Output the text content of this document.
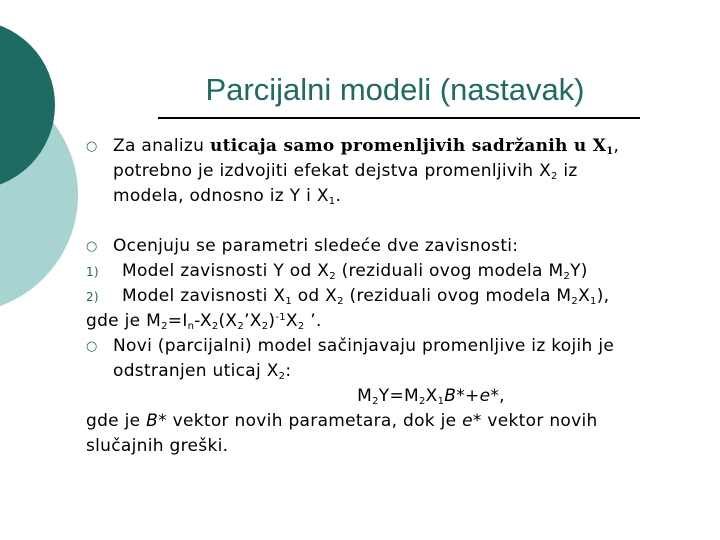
Parcijalni modeli (nastavak)
○ Za analizu uticaja samo promenljivih sadržanih u $X_1$,
potrebno je izdvojiti efekat dejstva promenljivih $X_2$ iz
modela, odnosno iz Y i $X_1$.
○ Ocenjuju se parametri sledeće dve zavisnosti:
1) Model zavisnosti Y od $X_2$ (reziduali ovog modela $M_2Y$)
2) Model zavisnosti $X_1$ od $X_2$ (reziduali ovog modela $M_2X_1$),
gde je $M_2=I_n-X_2(X_2’X_2)^{-1}X_2$ ’.
○ Novi (parcijalni) model sačinjavaju promenljive iz kojih je
odstranjen uticaj $X_2$:
$M_2Y=M_2X_1B*+e*$,
gde je B* vektor novih parametara, dok je e* vektor novih
slučajnih greški.
